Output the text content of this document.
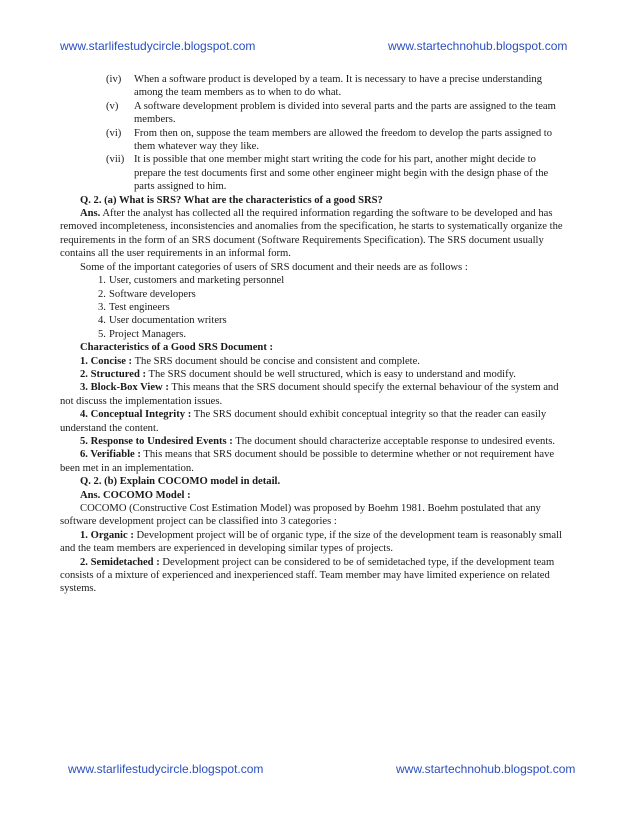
www.starlifestudycircle.blogspot.com	www.startechnohub.blogspot.com

(iv) When a software product is developed by a team. It is necessary to have a precise understanding among the team members as to when to do what.

(v) A software development problem is divided into several parts and the parts are assigned to the team members.

(vi) From then on, suppose the team members are allowed the freedom to develop the parts assigned to them whatever way they like.

(vii) It is possible that one member might start writing the code for his part, another might decide to prepare the test documents first and some other engineer might begin with the design phase of the parts assigned to him.

Q. 2. (a) What is SRS? What are the characteristics of a good SRS?

Ans. After the analyst has collected all the required information regarding the software to be developed and has removed incompleteness, inconsistencies and anomalies from the specification, he starts to systematically organize the requirements in the form of an SRS document (Software Requirements Specification). The SRS document usually contains all the user requirements in an informal form.

Some of the important categories of users of SRS document and their needs are as follows :

1. User, customers and marketing personnel

2. Software developers

3. Test engineers

4. User documentation writers

5. Project Managers.

Characteristics of a Good SRS Document :

1. Concise : The SRS document should be concise and consistent and complete.

2. Structured : The SRS document should be well structured, which is easy to understand and modify.

3. Block-Box View : This means that the SRS document should specify the external behaviour of the system and not discuss the implementation issues.

4. Conceptual Integrity : The SRS document should exhibit conceptual integrity so that the reader can easily understand the content.

5. Response to Undesired Events : The document should characterize acceptable response to undesired events.

6. Verifiable : This means that SRS document should be possible to determine whether or not requirement have been met in an implementation.

Q. 2. (b) Explain COCOMO model in detail.

Ans. COCOMO Model :

COCOMO (Constructive Cost Estimation Model) was proposed by Boehm 1981. Boehm postulated that any software development project can be classified into 3 categories :

1. Organic : Development project will be of organic type, if the size of the development team is reasonably small and the team members are experienced in developing similar types of projects.

2. Semidetached : Development project can be considered to be of semidetached type, if the development team consists of a mixture of experienced and inexperienced staff. Team member may have limited experience on related systems.

www.starlifestudycircle.blogspot.com	www.startechnohub.blogspot.com
